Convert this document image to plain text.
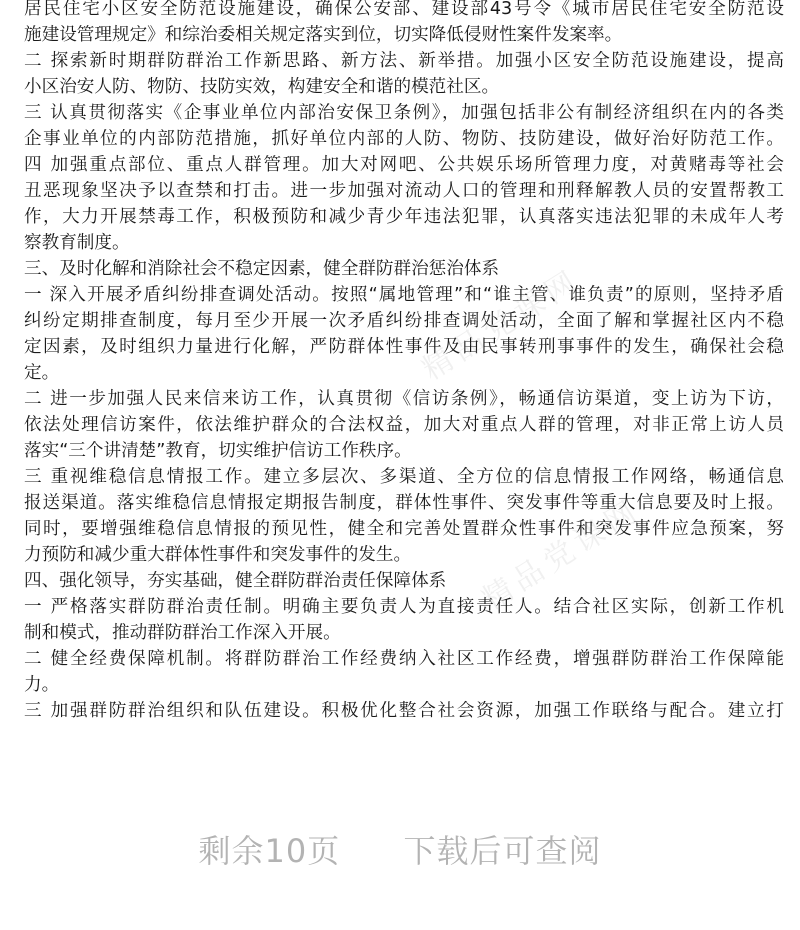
居民住宅小区安全防范设施建设，确保公安部、建设部43号令《城市居民住宅安全防范设
施建设管理规定》和综治委相关规定落实到位，切实降低侵财性案件发案率。
二 探索新时期群防群治工作新思路、新方法、新举措。加强小区安全防范设施建设，提高
小区治安人防、物防、技防实效，构建安全和谐的模范社区。
三 认真贯彻落实《企事业单位内部治安保卫条例》，加强包括非公有制经济组织在内的各类
企事业单位的内部防范措施，抓好单位内部的人防、物防、技防建设，做好治好防范工作。
四 加强重点部位、重点人群管理。加大对网吧、公共娱乐场所管理力度，对黄赌毒等社会
丑恶现象坚决予以查禁和打击。进一步加强对流动人口的管理和刑释解教人员的安置帮教工
作，大力开展禁毒工作，积极预防和减少青少年违法犯罪，认真落实违法犯罪的未成年人考
察教育制度。
三、及时化解和消除社会不稳定因素，健全群防群治惩治体系
一 深入开展矛盾纠纷排查调处活动。按照“属地管理”和“谁主管、谁负责”的原则，坚持矛盾
纠纷定期排查制度，每月至少开展一次矛盾纠纷排查调处活动，全面了解和掌握社区内不稳
定因素，及时组织力量进行化解，严防群体性事件及由民事转刑事事件的发生，确保社会稳
定。
二 进一步加强人民来信来访工作，认真贯彻《信访条例》，畅通信访渠道，变上访为下访，
依法处理信访案件，依法维护群众的合法权益，加大对重点人群的管理，对非正常上访人员
落实“三个讲清楚”教育，切实维护信访工作秩序。
三 重视维稳信息情报工作。建立多层次、多渠道、全方位的信息情报工作网络，畅通信息
报送渠道。落实维稳信息情报定期报告制度，群体性事件、突发事件等重大信息要及时上报。
同时，要增强维稳信息情报的预见性，健全和完善处置群众性事件和突发事件应急预案，努
力预防和减少重大群体性事件和突发事件的发生。
四、强化领导，夯实基础，健全群防群治责任保障体系
一 严格落实群防群治责任制。明确主要负责人为直接责任人。结合社区实际，创新工作机
制和模式，推动群防群治工作深入开展。
二 健全经费保障机制。将群防群治工作经费纳入社区工作经费，增强群防群治工作保障能
力。
三 加强群防群治组织和队伍建设。积极优化整合社会资源，加强工作联络与配合。建立打
精品党课网
精品党课网
剩余10页 下载后可查阅
